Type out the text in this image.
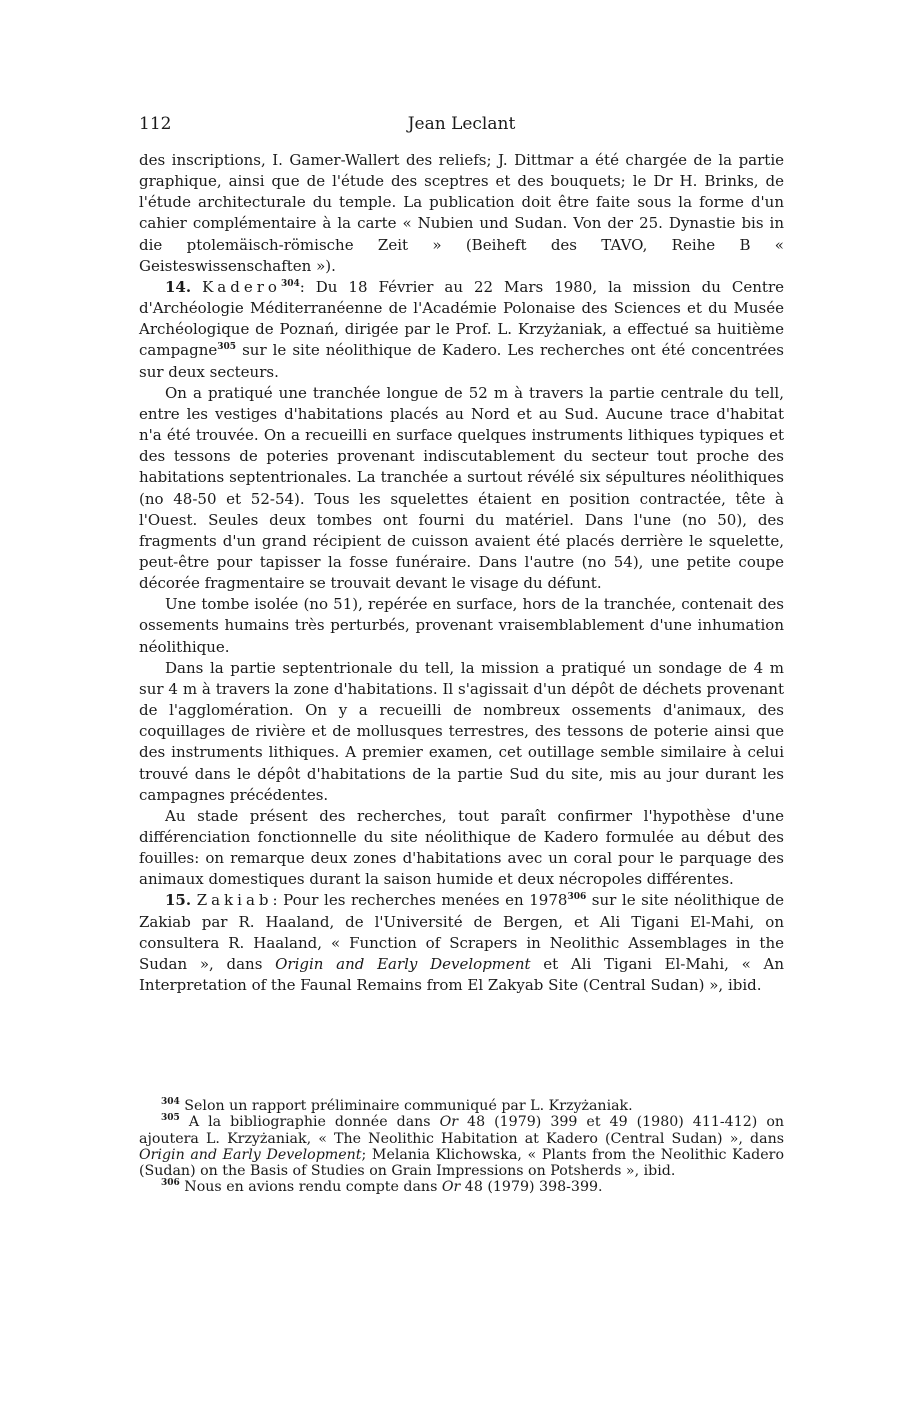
112	Jean Leclant

des inscriptions, I. Gamer-Wallert des reliefs; J. Dittmar a été chargée de la partie graphique, ainsi que de l'étude des sceptres et des bouquets; le Dr H. Brinks, de l'étude architecturale du temple. La publication doit être faite sous la forme d'un cahier complémentaire à la carte « Nubien und Sudan. Von der 25. Dynastie bis in die ptolemäisch-römische Zeit » (Beiheft des TAVO, Reihe B « Geisteswissenschaften »).

14. Kadero$^{304}$: Du 18 Février au 22 Mars 1980, la mission du Centre d'Archéologie Méditerranéenne de l'Académie Polonaise des Sciences et du Musée Archéologique de Poznań, dirigée par le Prof. L. Krzyżaniak, a effectué sa huitième campagne$^{305}$ sur le site néolithique de Kadero. Les recherches ont été concentrées sur deux secteurs.

On a pratiqué une tranchée longue de 52 m à travers la partie centrale du tell, entre les vestiges d'habitations placés au Nord et au Sud. Aucune trace d'habitat n'a été trouvée. On a recueilli en surface quelques instruments lithiques typiques et des tessons de poteries provenant indiscutablement du secteur tout proche des habitations septentrionales. La tranchée a surtout révélé six sépultures néolithiques (no 48-50 et 52-54). Tous les squelettes étaient en position contractée, tête à l'Ouest. Seules deux tombes ont fourni du matériel. Dans l'une (no 50), des fragments d'un grand récipient de cuisson avaient été placés derrière le squelette, peut-être pour tapisser la fosse funéraire. Dans l'autre (no 54), une petite coupe décorée fragmentaire se trouvait devant le visage du défunt.

Une tombe isolée (no 51), repérée en surface, hors de la tranchée, contenait des ossements humains très perturbés, provenant vraisemblablement d'une inhumation néolithique.

Dans la partie septentrionale du tell, la mission a pratiqué un sondage de 4 m sur 4 m à travers la zone d'habitations. Il s'agissait d'un dépôt de déchets provenant de l'agglomération. On y a recueilli de nombreux ossements d'animaux, des coquillages de rivière et de mollusques terrestres, des tessons de poterie ainsi que des instruments lithiques. A premier examen, cet outillage semble similaire à celui trouvé dans le dépôt d'habitations de la partie Sud du site, mis au jour durant les campagnes précédentes.

Au stade présent des recherches, tout paraît confirmer l'hypothèse d'une différenciation fonctionnelle du site néolithique de Kadero formulée au début des fouilles: on remarque deux zones d'habitations avec un coral pour le parquage des animaux domestiques durant la saison humide et deux nécropoles différentes.

15. Zakiab: Pour les recherches menées en 1978$^{306}$ sur le site néolithique de Zakiab par R. Haaland, de l'Université de Bergen, et Ali Tigani El-Mahi, on consultera R. Haaland, « Function of Scrapers in Neolithic Assemblages in the Sudan », dans Origin and Early Development et Ali Tigani El-Mahi, « An Interpretation of the Faunal Remains from El Zakyab Site (Central Sudan) », ibid.

$^{304}$ Selon un rapport préliminaire communiqué par L. Krzyżaniak.

$^{305}$ A la bibliographie donnée dans Or 48 (1979) 399 et 49 (1980) 411-412) on ajoutera L. Krzyżaniak, « The Neolithic Habitation at Kadero (Central Sudan) », dans Origin and Early Development; Melania Klichowska, « Plants from the Neolithic Kadero (Sudan) on the Basis of Studies on Grain Impressions on Potsherds », ibid.

$^{306}$ Nous en avions rendu compte dans Or 48 (1979) 398-399.
